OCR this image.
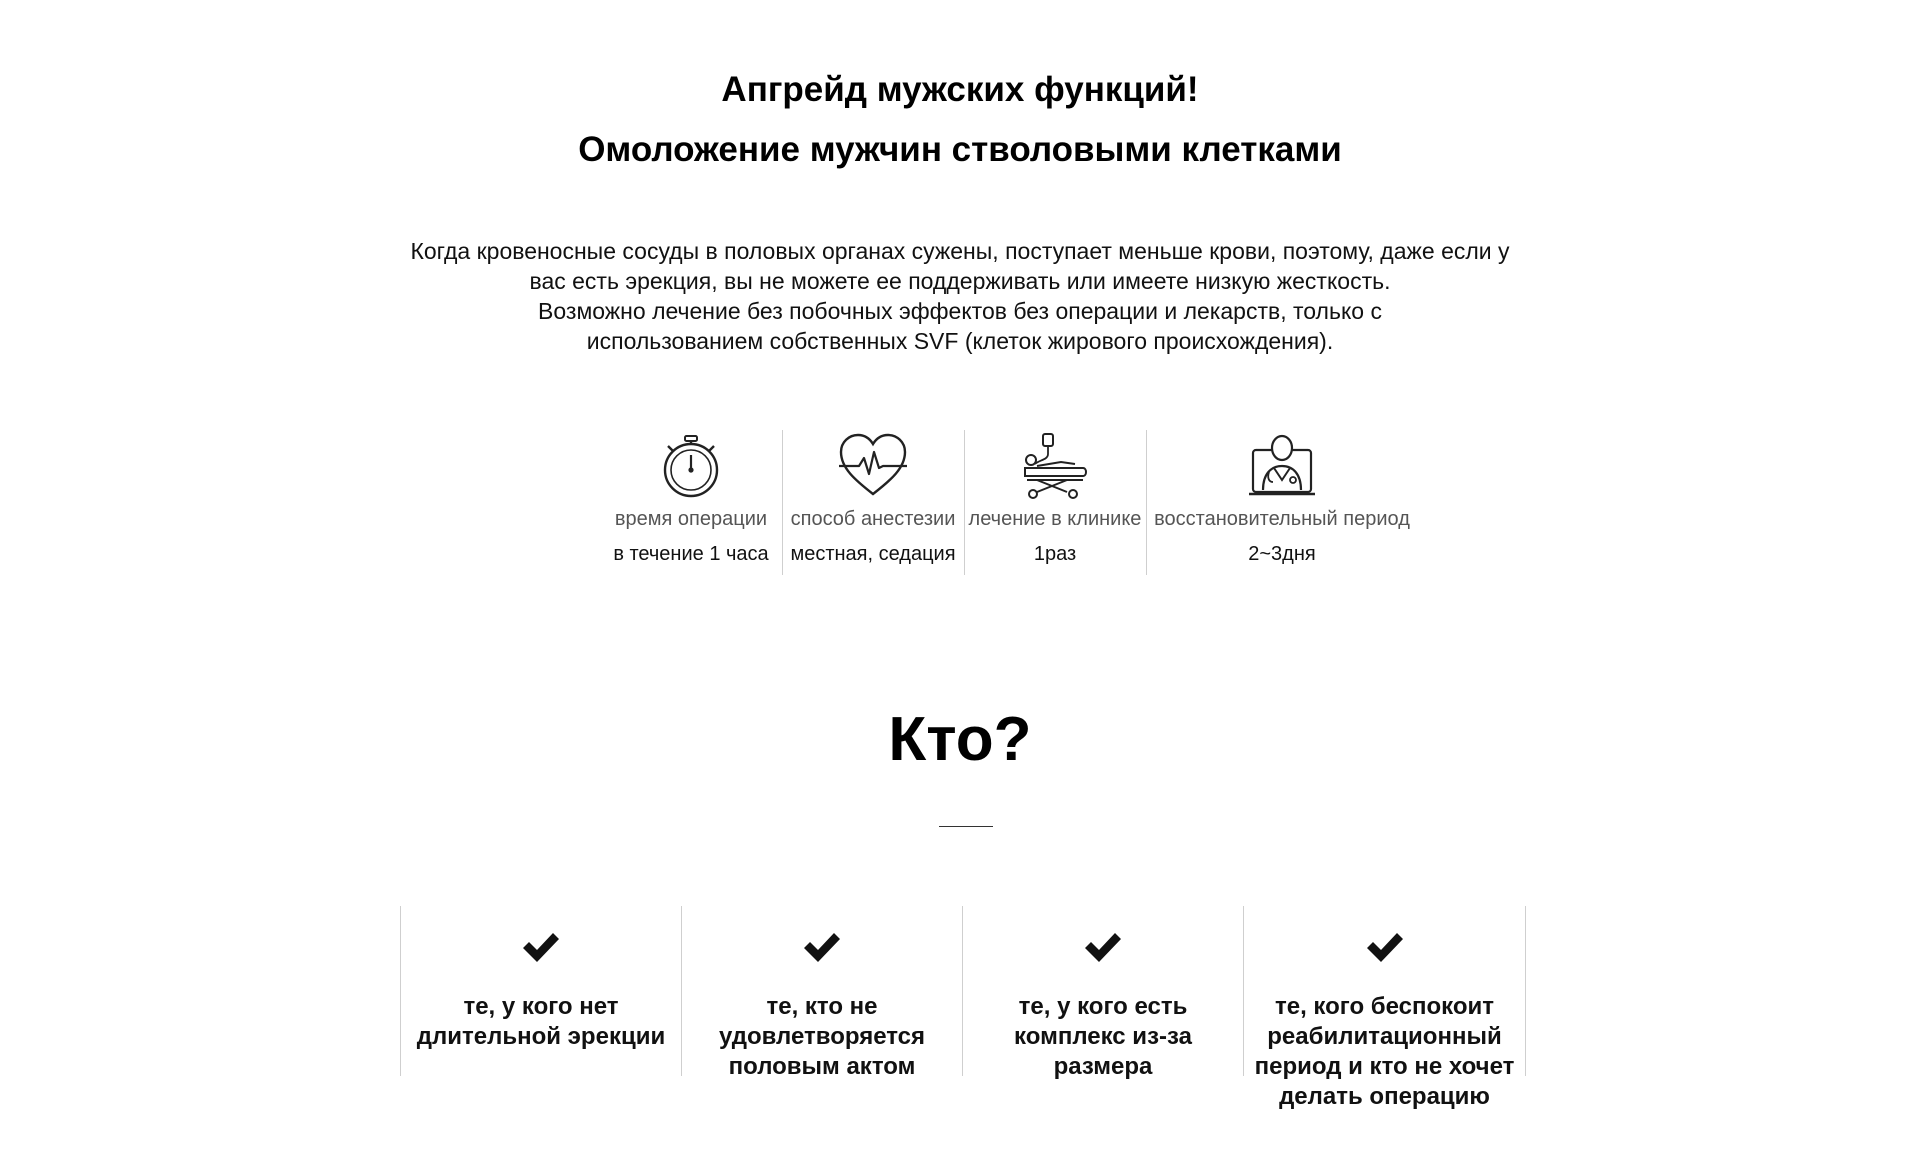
Апгрейд мужских функций!
Омоложение мужчин стволовыми клетками

Когда кровеносные сосуды в половых органах сужены, поступает меньше крови, поэтому, даже если у

вас есть эрекция, вы не можете ее поддерживать или имеете низкую жесткость.

Возможно лечение без побочных эффектов без операции и лекарств, только с

использованием собственных SVF (клеток жирового происхождения).

время операции
в течение 1 часа
способ анестезии
местная, седация
лечение в клинике
1раз
восстановительный период
2~3дня
Кто?
те, у кого нет длительной эрекции
те, кто не удовлетворяется половым актом
те, у кого есть комплекс из-за размера
те, кого беспокоит реабилитационный период и кто не хочет делать операцию
